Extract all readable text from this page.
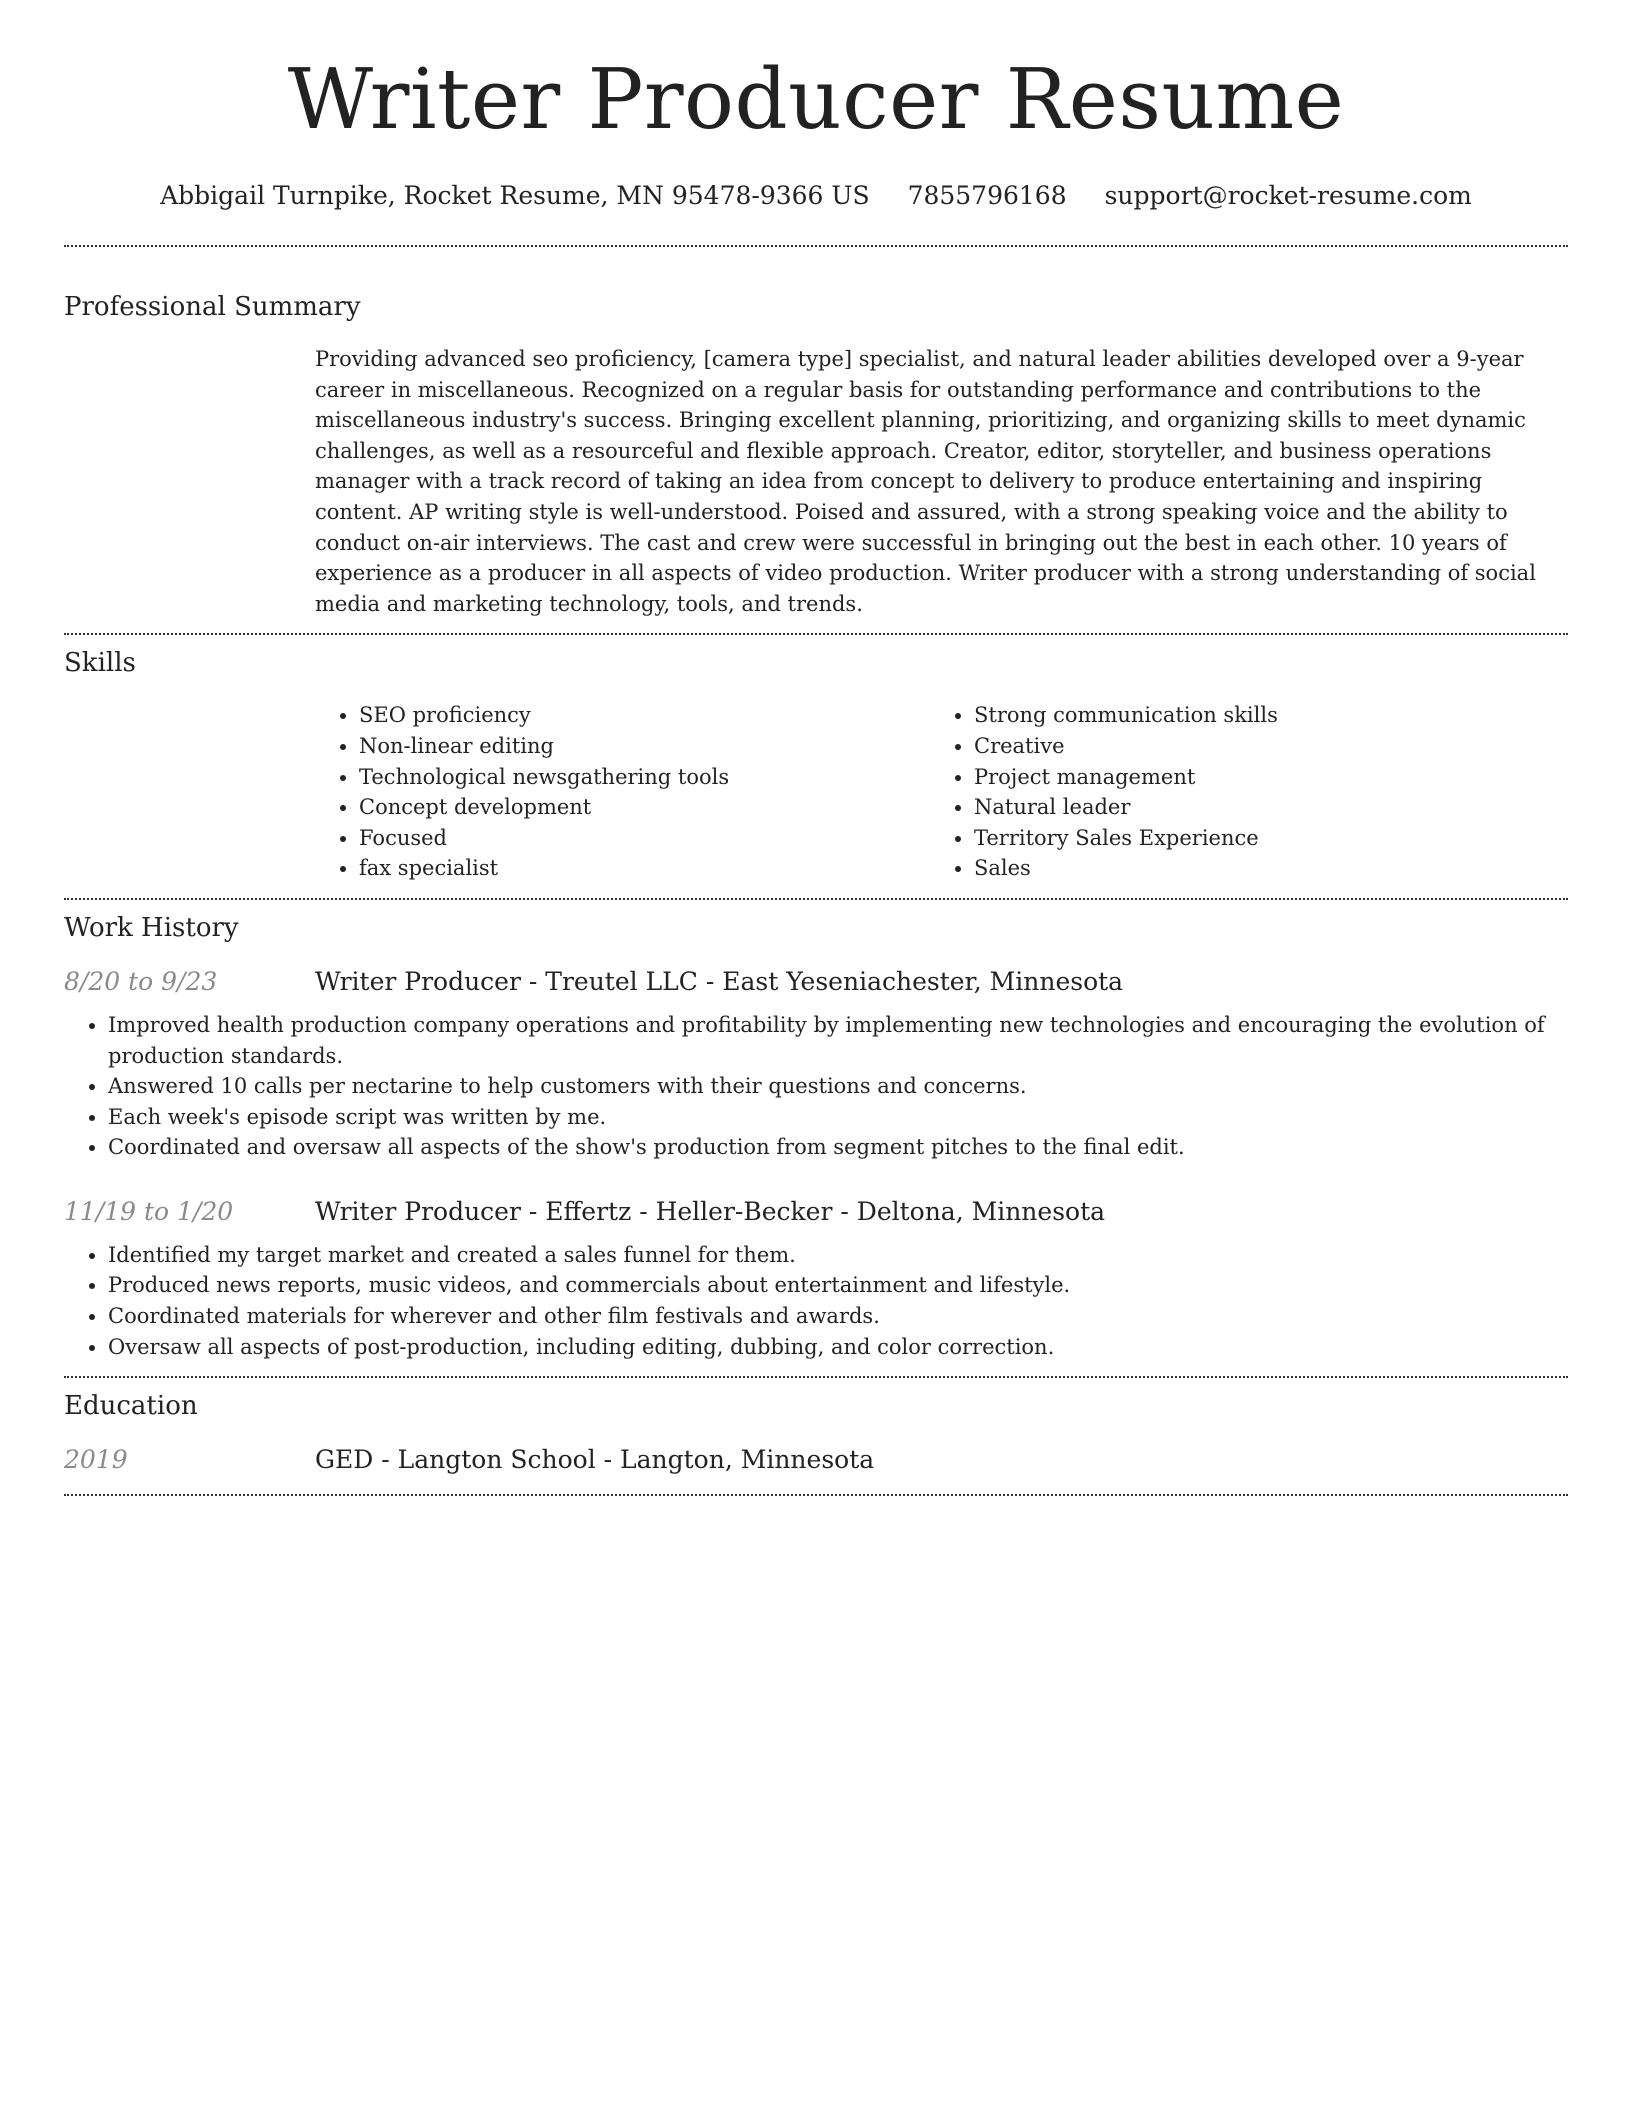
Writer Producer Resume
Abbigail Turnpike, Rocket Resume, MN 95478-9366 US 7855796168 support@rocket-resume.com
Professional Summary
Providing advanced seo proficiency, [camera type] specialist, and natural leader abilities developed over a 9-year career in miscellaneous. Recognized on a regular basis for outstanding performance and contributions to the miscellaneous industry's success. Bringing excellent planning, prioritizing, and organizing skills to meet dynamic challenges, as well as a resourceful and flexible approach. Creator, editor, storyteller, and business operations manager with a track record of taking an idea from concept to delivery to produce entertaining and inspiring content. AP writing style is well-understood. Poised and assured, with a strong speaking voice and the ability to conduct on-air interviews. The cast and crew were successful in bringing out the best in each other. 10 years of experience as a producer in all aspects of video production. Writer producer with a strong understanding of social media and marketing technology, tools, and trends.
Skills
• SEO proficiency
• Non-linear editing
• Technological newsgathering tools
• Concept development
• Focused
• fax specialist
• Strong communication skills
• Creative
• Project management
• Natural leader
• Territory Sales Experience
• Sales
Work History
8/20 to 9/23	Writer Producer - Treutel LLC - East Yeseniachester, Minnesota
• Improved health production company operations and profitability by implementing new technologies and encouraging the evolution of production standards.
• Answered 10 calls per nectarine to help customers with their questions and concerns.
• Each week's episode script was written by me.
• Coordinated and oversaw all aspects of the show's production from segment pitches to the final edit.
11/19 to 1/20	Writer Producer - Effertz - Heller-Becker - Deltona, Minnesota
• Identified my target market and created a sales funnel for them.
• Produced news reports, music videos, and commercials about entertainment and lifestyle.
• Coordinated materials for wherever and other film festivals and awards.
• Oversaw all aspects of post-production, including editing, dubbing, and color correction.
Education
2019	GED - Langton School - Langton, Minnesota
